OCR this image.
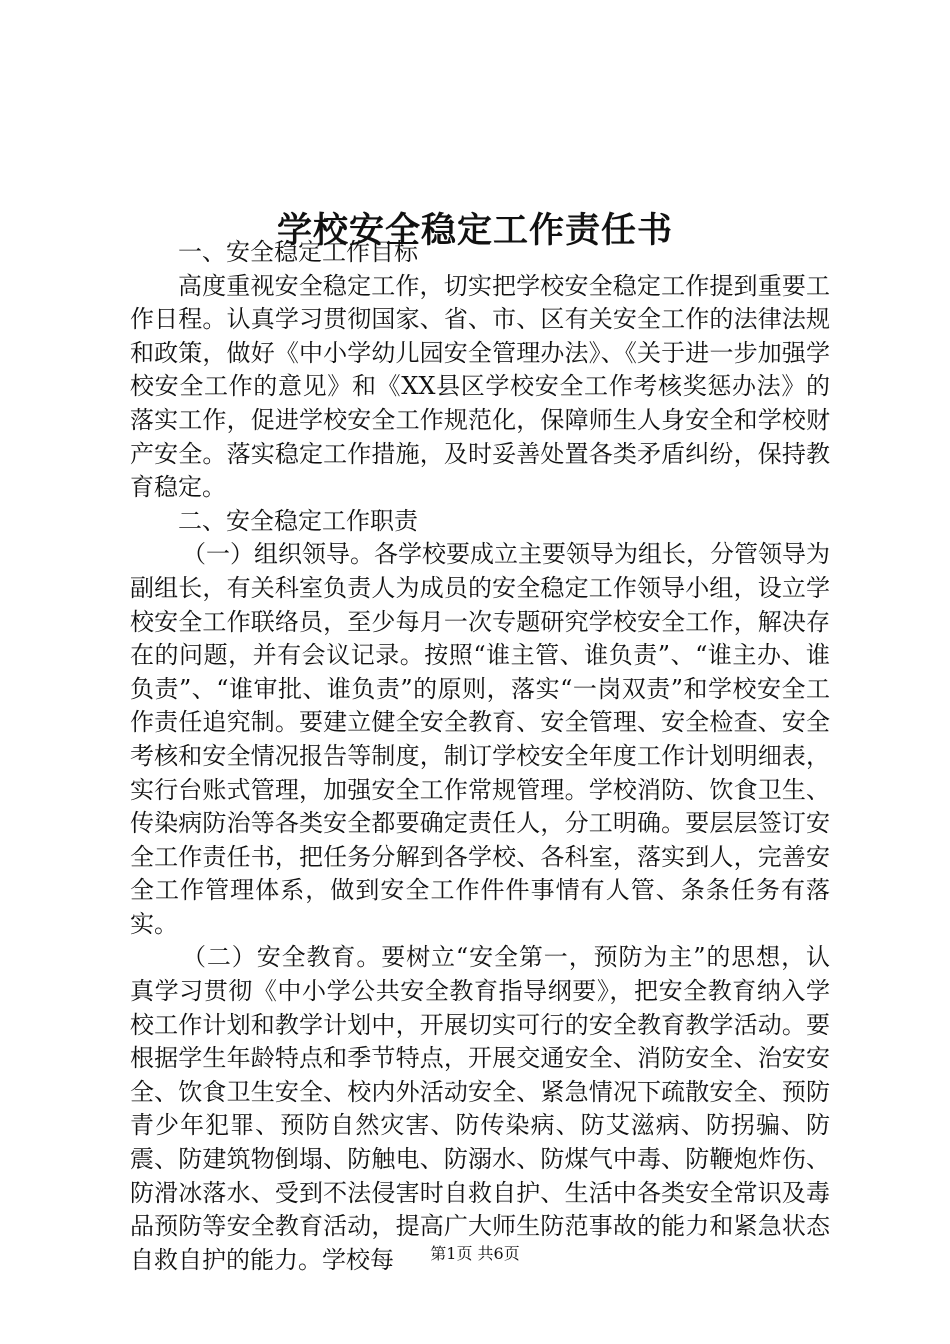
学校安全稳定工作责任书

一、安全稳定工作目标

高度重视安全稳定工作，切实把学校安全稳定工作提到重要工作日程。认真学习贯彻国家、省、市、区有关安全工作的法律法规和政策，做好《中小学幼儿园安全管理办法》、《关于进一步加强学校安全工作的意见》和《XX县区学校安全工作考核奖惩办法》的落实工作，促进学校安全工作规范化，保障师生人身安全和学校财产安全。落实稳定工作措施，及时妥善处置各类矛盾纠纷，保持教育稳定。

二、安全稳定工作职责

（一）组织领导。各学校要成立主要领导为组长，分管领导为副组长，有关科室负责人为成员的安全稳定工作领导小组，设立学校安全工作联络员，至少每月一次专题研究学校安全工作，解决存在的问题，并有会议记录。按照“谁主管、谁负责”、“谁主办、谁负责”、“谁审批、谁负责”的原则，落实“一岗双责”和学校安全工作责任追究制。要建立健全安全教育、安全管理、安全检查、安全考核和安全情况报告等制度，制订学校安全年度工作计划明细表，实行台账式管理，加强安全工作常规管理。学校消防、饮食卫生、传染病防治等各类安全都要确定责任人，分工明确。要层层签订安全工作责任书，把任务分解到各学校、各科室，落实到人，完善安全工作管理体系，做到安全工作件件事情有人管、条条任务有落实。

（二）安全教育。要树立“安全第一，预防为主”的思想，认真学习贯彻《中小学公共安全教育指导纲要》，把安全教育纳入学校工作计划和教学计划中，开展切实可行的安全教育教学活动。要根据学生年龄特点和季节特点，开展交通安全、消防安全、治安安全、饮食卫生安全、校内外活动安全、紧急情况下疏散安全、预防青少年犯罪、预防自然灾害、防传染病、防艾滋病、防拐骗、防震、防建筑物倒塌、防触电、防溺水、防煤气中毒、防鞭炮炸伤、防滑冰落水、受到不法侵害时自救自护、生活中各类安全常识及毒品预防等安全教育活动，提高广大师生防范事故的能力和紧急状态自救自护的能力。学校每	第1页 共6页
